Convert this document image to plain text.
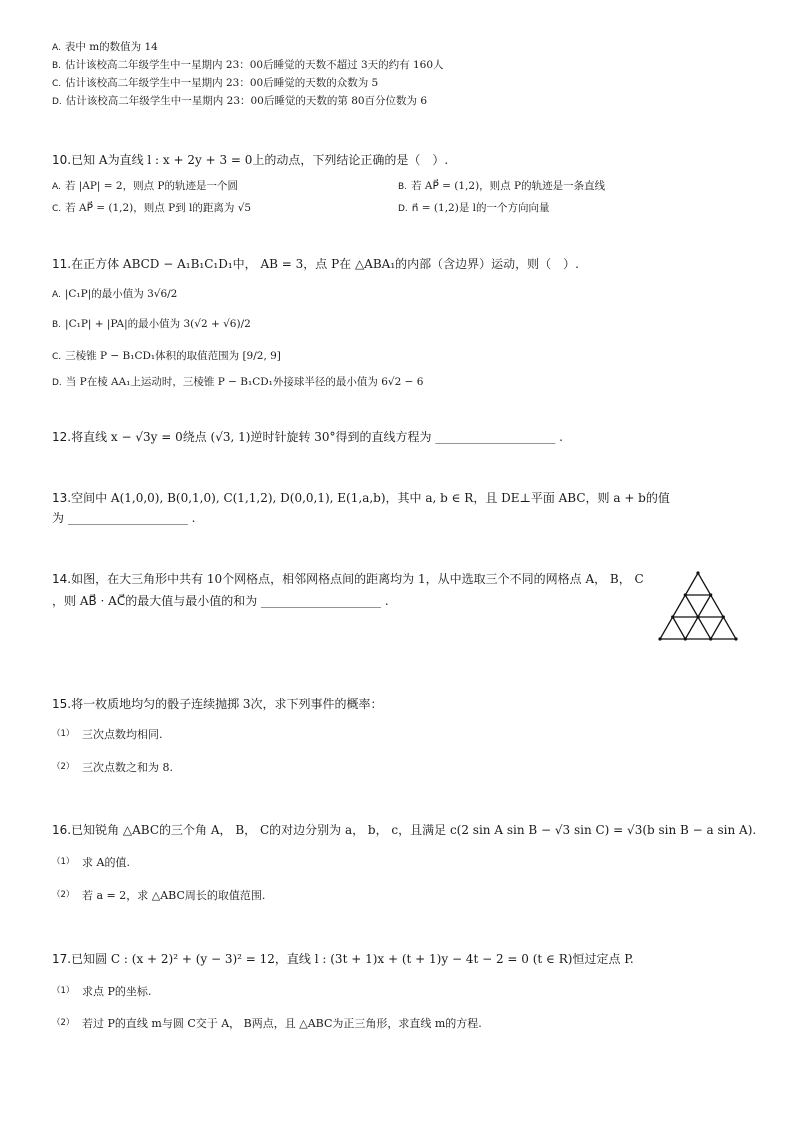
A. 表中 m的数值为 14
B. 估计该校高二年级学生中一星期内 23：00后睡觉的天数不超过 3天的约有 160人
C. 估计该校高二年级学生中一星期内 23：00后睡觉的天数的众数为 5
D. 估计该校高二年级学生中一星期内 23：00后睡觉的天数的第 80百分位数为 6
10.已知 A为直线 l : x + 2y + 3 = 0上的动点，下列结论正确的是（　）.
A. 若 |AP| = 2，则点 P的轨迹是一个圆	B. 若 AP⃗ = (1,2)，则点 P的轨迹是一条直线
C. 若 AP⃗ = (1,2)，则点 P到 l的距离为 √5	D. n⃗ = (1,2)是 l的一个方向向量
11.在正方体 ABCD − A₁B₁C₁D₁中， AB = 3，点 P在 △ABA₁的内部（含边界）运动，则（　）.
A. |C₁P|的最小值为 3√6/2
B. |C₁P| + |PA|的最小值为 3(√2 + √6)/2
C. 三棱锥 P − B₁CD₁体积的取值范围为 [9/2, 9]
D. 当 P在棱 AA₁上运动时，三棱锥 P − B₁CD₁外接球半径的最小值为 6√2 − 6
12.将直线 x − √3y = 0绕点 (√3, 1)逆时针旋转 30°得到的直线方程为 ____________________ .
13.空间中 A(1,0,0), B(0,1,0), C(1,1,2), D(0,0,1), E(1,a,b)，其中 a, b ∈ R，且 DE⊥平面 ABC，则 a + b的值
为 ____________________ .
14.如图，在大三角形中共有 10个网格点，相邻网格点间的距离均为 1，从中选取三个不同的网格点 A， B， C
，则 AB⃗ · AC⃗的最大值与最小值的和为 ____________________ .
15.将一枚质地均匀的骰子连续抛掷 3次，求下列事件的概率：
（1） 三次点数均相同.
（2） 三次点数之和为 8.
16.已知锐角 △ABC的三个角 A， B， C的对边分别为 a， b， c，且满足 c(2 sin A sin B − √3 sin C) = √3(b sin B − a sin A).
（1） 求 A的值.
（2） 若 a = 2，求 △ABC周长的取值范围.
17.已知圆 C : (x + 2)² + (y − 3)² = 12，直线 l : (3t + 1)x + (t + 1)y − 4t − 2 = 0 (t ∈ R)恒过定点 P.
（1） 求点 P的坐标.
（2） 若过 P的直线 m与圆 C交于 A， B两点，且 △ABC为正三角形，求直线 m的方程.
